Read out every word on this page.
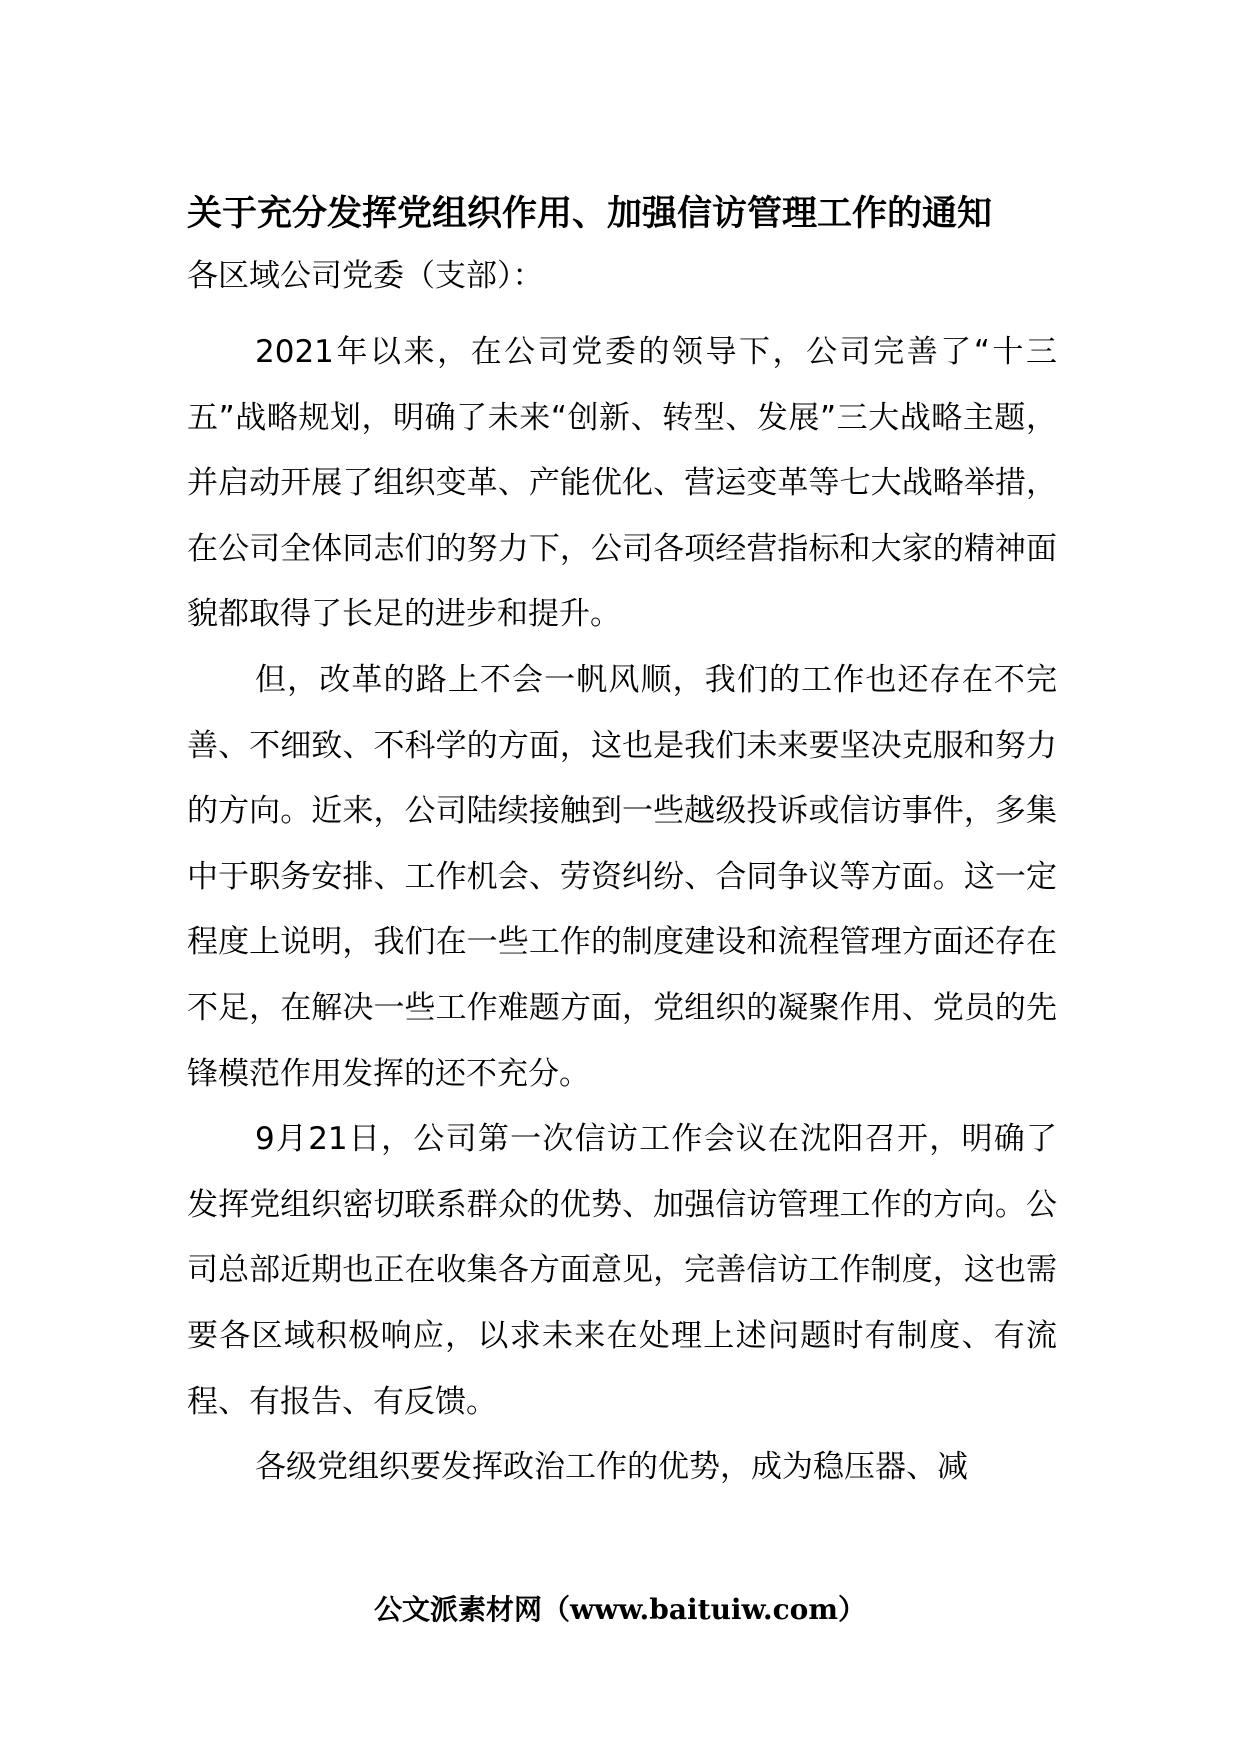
关于充分发挥党组织作用、加强信访管理工作的通知
各区域公司党委（支部）：

2021年以来，在公司党委的领导下，公司完善了“十三五”战略规划，明确了未来“创新、转型、发展”三大战略主题，并启动开展了组织变革、产能优化、营运变革等七大战略举措，在公司全体同志们的努力下，公司各项经营指标和大家的精神面貌都取得了长足的进步和提升。

但，改革的路上不会一帆风顺，我们的工作也还存在不完善、不细致、不科学的方面，这也是我们未来要坚决克服和努力的方向。近来，公司陆续接触到一些越级投诉或信访事件，多集中于职务安排、工作机会、劳资纠纷、合同争议等方面。这一定程度上说明，我们在一些工作的制度建设和流程管理方面还存在不足，在解决一些工作难题方面，党组织的凝聚作用、党员的先锋模范作用发挥的还不充分。

9月21日，公司第一次信访工作会议在沈阳召开，明确了发挥党组织密切联系群众的优势、加强信访管理工作的方向。公司总部近期也正在收集各方面意见，完善信访工作制度，这也需要各区域积极响应，以求未来在处理上述问题时有制度、有流程、有报告、有反馈。

各级党组织要发挥政治工作的优势，成为稳压器、减

公文派素材网（www.baituiw.com）
